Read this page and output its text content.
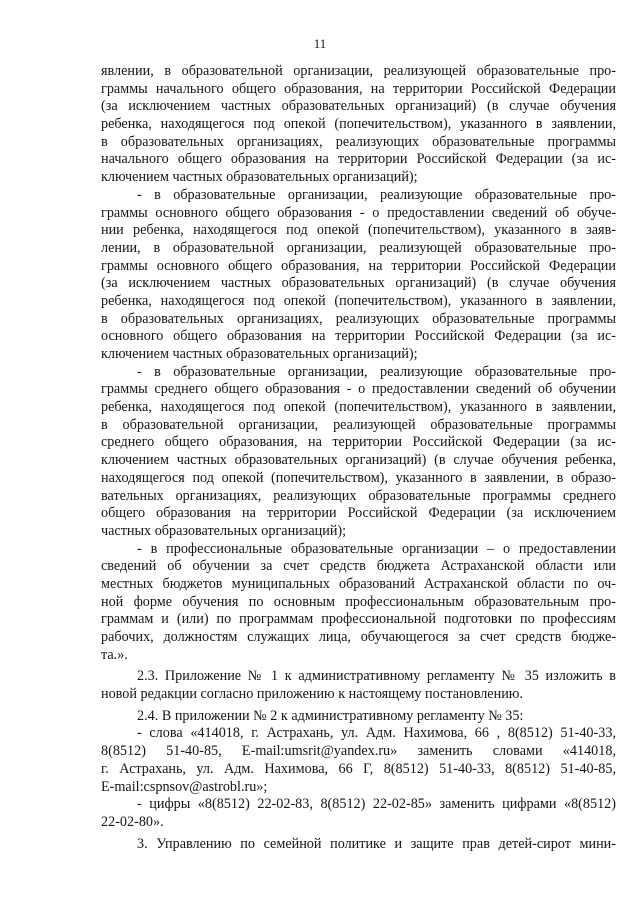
11
явлении, в образовательной организации, реализующей образовательные про-
граммы начального общего образования, на территории Российской Федерации
(за исключением частных образовательных организаций) (в случае обучения
ребенка, находящегося под опекой (попечительством), указанного в заявлении,
в образовательных организациях, реализующих образовательные программы
начального общего образования на территории Российской Федерации (за ис-
ключением частных образовательных организаций);
- в образовательные организации, реализующие образовательные про-
граммы основного общего образования - о предоставлении сведений об обуче-
нии ребенка, находящегося под опекой (попечительством), указанного в заяв-
лении, в образовательной организации, реализующей образовательные про-
граммы основного общего образования, на территории Российской Федерации
(за исключением частных образовательных организаций) (в случае обучения
ребенка, находящегося под опекой (попечительством), указанного в заявлении,
в образовательных организациях, реализующих образовательные программы
основного общего образования на территории Российской Федерации (за ис-
ключением частных образовательных организаций);
- в образовательные организации, реализующие образовательные про-
граммы среднего общего образования - о предоставлении сведений об обучении
ребенка, находящегося под опекой (попечительством), указанного в заявлении,
в образовательной организации, реализующей образовательные программы
среднего общего образования, на территории Российской Федерации (за ис-
ключением частных образовательных организаций) (в случае обучения ребенка,
находящегося под опекой (попечительством), указанного в заявлении, в образо-
вательных организациях, реализующих образовательные программы среднего
общего образования на территории Российской Федерации (за исключением
частных образовательных организаций);
- в профессиональные образовательные организации – о предоставлении
сведений об обучении за счет средств бюджета Астраханской области или
местных бюджетов муниципальных образований Астраханской области по оч-
ной форме обучения по основным профессиональным образовательным про-
граммам и (или) по программам профессиональной подготовки по профессиям
рабочих, должностям служащих лица, обучающегося за счет средств бюдже-
та.».
2.3. Приложение № 1 к административному регламенту № 35 изложить в
новой редакции согласно приложению к настоящему постановлению.
2.4. В приложении № 2 к административному регламенту № 35:
- слова «414018, г. Астрахань, ул. Адм. Нахимова, 66 , 8(8512) 51-40-33,
8(8512) 51-40-85, E-mail:umsrit@yandex.ru» заменить словами «414018,
г. Астрахань, ул. Адм. Нахимова, 66 Г, 8(8512) 51-40-33, 8(8512) 51-40-85,
E-mail:cspnsov@astrobl.ru»;
- цифры «8(8512) 22-02-83, 8(8512) 22-02-85» заменить цифрами «8(8512)
22-02-80».
3. Управлению по семейной политике и защите прав детей-сирот мини-
